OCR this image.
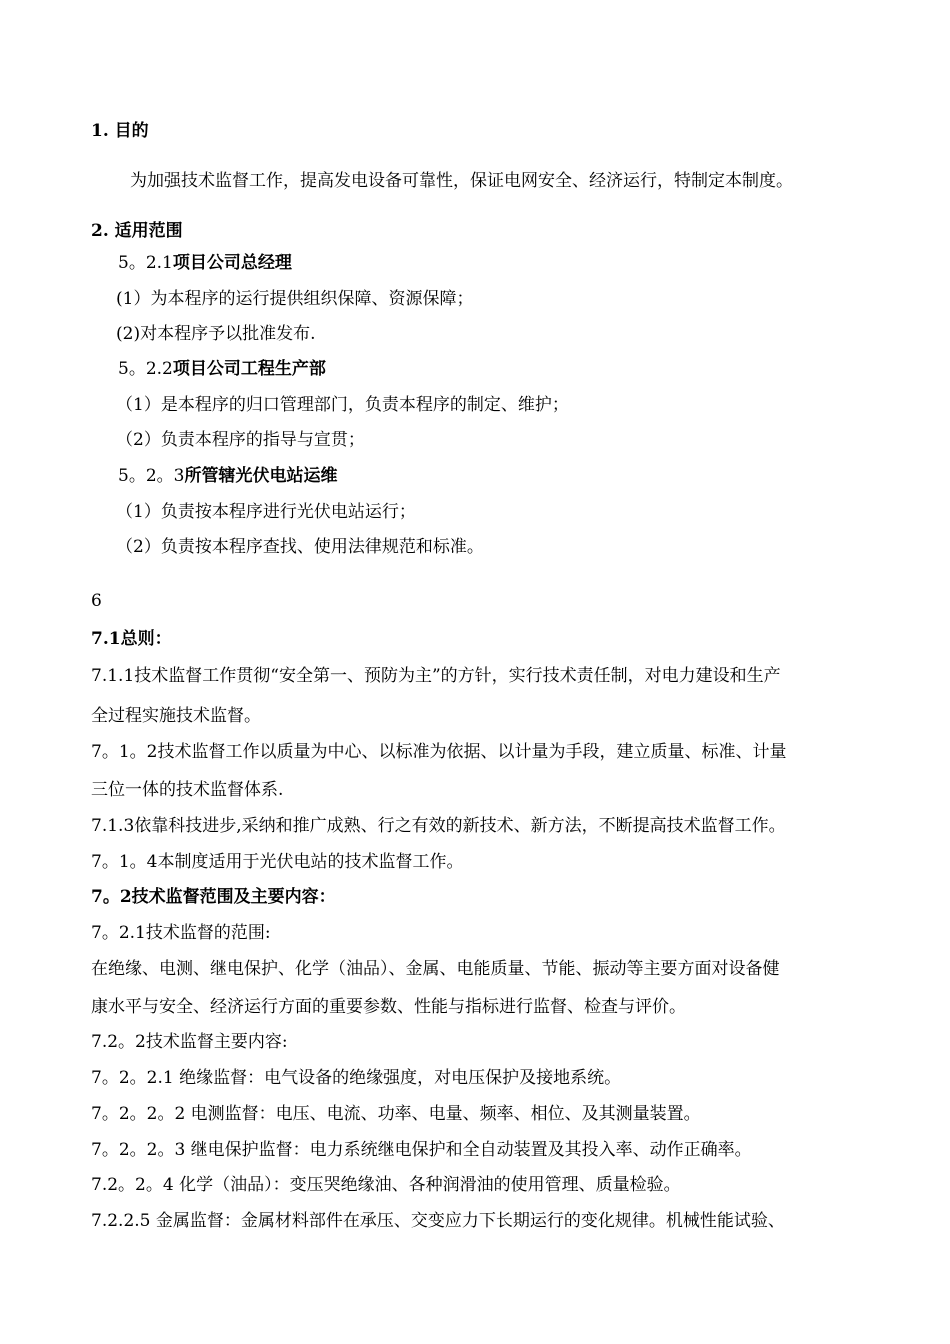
1. 目的
为加强技术监督工作，提高发电设备可靠性，保证电网安全、经济运行，特制定本制度。
2. 适用范围
5。2.1项目公司总经理
(1）为本程序的运行提供组织保障、资源保障；
(2)对本程序予以批准发布.
5。2.2项目公司工程生产部
（1）是本程序的归口管理部门，负责本程序的制定、维护；
（2）负责本程序的指导与宣贯；
5。2。3所管辖光伏电站运维
（1）负责按本程序进行光伏电站运行；
（2）负责按本程序查找、使用法律规范和标准。
6
7.1总则：
7.1.1技术监督工作贯彻“安全第一、预防为主”的方针，实行技术责任制，对电力建设和生产
全过程实施技术监督。
7。1。2技术监督工作以质量为中心、以标准为依据、以计量为手段，建立质量、标准、计量
三位一体的技术监督体系.
7.1.3依靠科技进步,采纳和推广成熟、行之有效的新技术、新方法，不断提高技术监督工作。
7。1。4本制度适用于光伏电站的技术监督工作。
7。2技术监督范围及主要内容：
7。2.1技术监督的范围:
在绝缘、电测、继电保护、化学（油品）、金属、电能质量、节能、振动等主要方面对设备健
康水平与安全、经济运行方面的重要参数、性能与指标进行监督、检查与评价。
7.2。2技术监督主要内容:
7。2。2.1 绝缘监督：电气设备的绝缘强度，对电压保护及接地系统。
7。2。2。2 电测监督：电压、电流、功率、电量、频率、相位、及其测量装置。
7。2。2。3 继电保护监督：电力系统继电保护和全自动装置及其投入率、动作正确率。
7.2。2。4 化学（油品）：变压哭绝缘油、各种润滑油的使用管理、质量检验。
7.2.2.5 金属监督：金属材料部件在承压、交变应力下长期运行的变化规律。机械性能试验、
